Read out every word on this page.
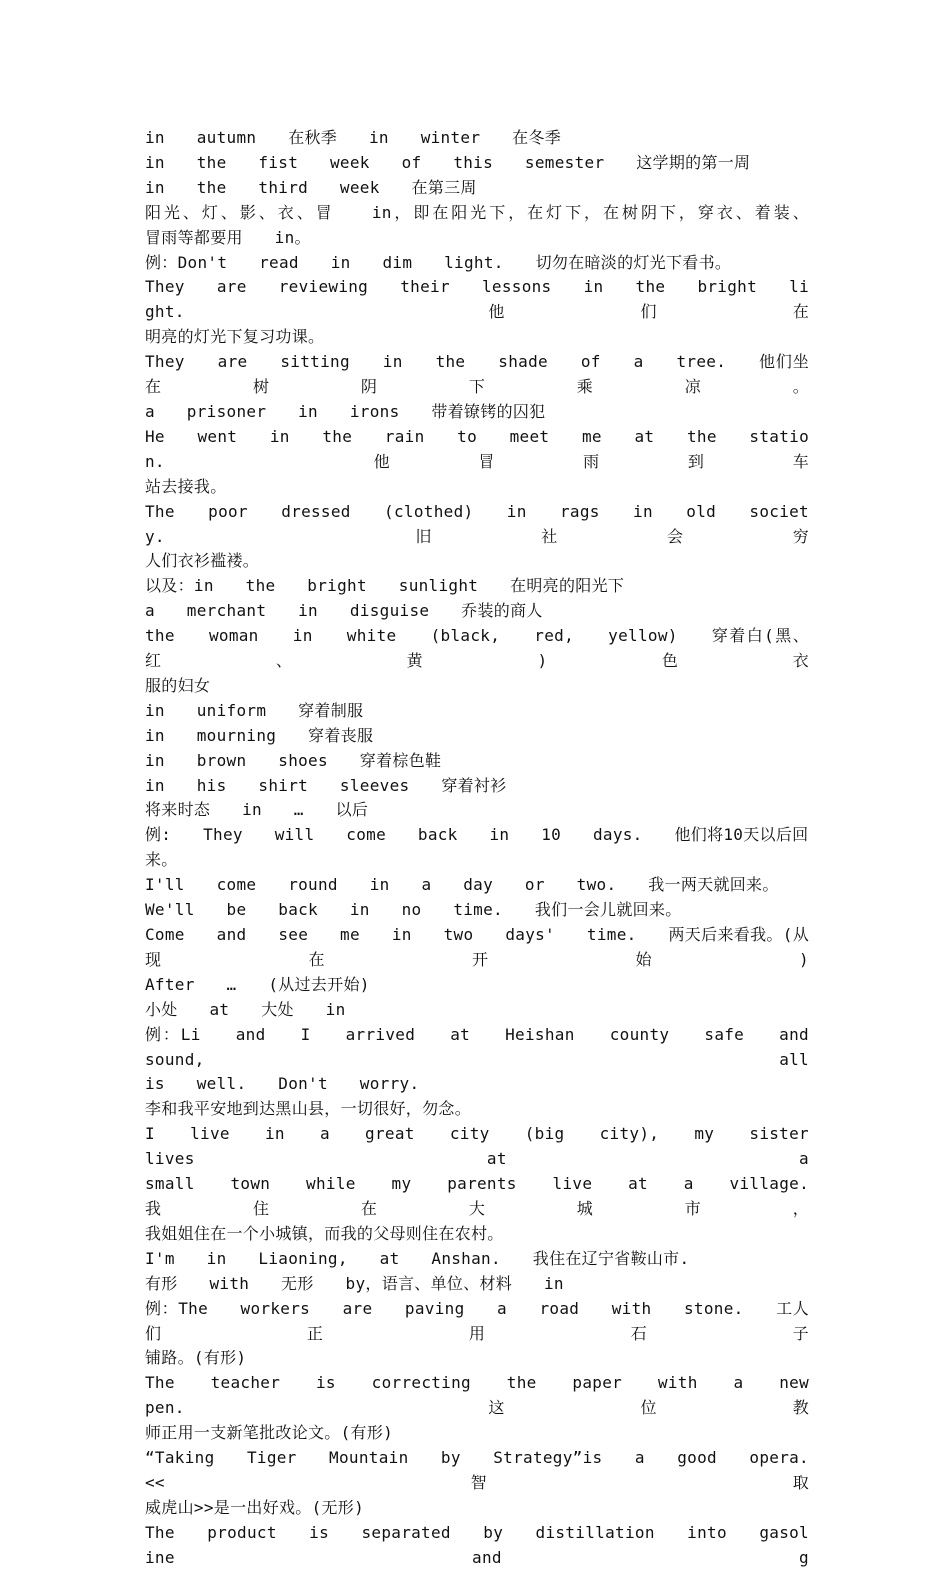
in  autumn  在秋季  in  winter  在冬季
in  the  fist  week  of  this  semester  这学期的第一周
in  the  third  week  在第三周
阳光、灯、影、衣、冒  in，即在阳光下，在灯下，在树阴下，穿衣、着装、
冒雨等都要用  in。
例：Don't  read  in  dim  light.  切勿在暗淡的灯光下看书。
They  are  reviewing  their  lessons  in  the  bright  light.  他们在
明亮的灯光下复习功课。
They  are  sitting  in  the  shade  of  a  tree.  他们坐在树阴下乘凉。
a  prisoner  in  irons  带着镣铐的囚犯
He  went  in  the  rain  to  meet  me  at  the  station.  他冒雨到车
站去接我。
The  poor  dressed  (clothed)  in  rags  in  old  society.  旧社会穷
人们衣衫褴褛。
以及：in  the  bright  sunlight  在明亮的阳光下
a  merchant  in  disguise  乔装的商人
the  woman  in  white  (black,  red,  yellow)  穿着白(黑、红、黄)色衣
服的妇女
in  uniform  穿着制服
in  mourning  穿着丧服
in  brown  shoes  穿着棕色鞋
in  his  shirt  sleeves  穿着衬衫
将来时态  in  …  以后
例:  They  will  come  back  in  10  days.  他们将10天以后回来。
I'll  come  round  in  a  day  or  two.  我一两天就回来。
We'll  be  back  in  no  time.  我们一会儿就回来。
Come  and  see  me  in  two  days'  time.  两天后来看我。(从现在开始)
After  …  (从过去开始)
小处  at  大处  in
例：Li  and  I  arrived  at  Heishan  county  safe  and  sound,  all
is  well.  Don't  worry.
李和我平安地到达黑山县，一切很好，勿念。
I  live  in  a  great  city  (big  city),  my  sister  lives  at  a
small  town  while  my  parents  live  at  a  village.  我住在大城市，
我姐姐住在一个小城镇，而我的父母则住在农村。
I'm  in  Liaoning,  at  Anshan.  我住在辽宁省鞍山市.
有形  with  无形  by，语言、单位、材料  in
例：The  workers  are  paving  a  road  with  stone.  工人们正用石子
铺路。(有形)
The  teacher  is  correcting  the  paper  with  a  new  pen.  这位教
师正用一支新笔批改论文。(有形)
“Taking  Tiger  Mountain  by  Strategy”is  a  good  opera.  <<智取
威虎山>>是一出好戏。(无形)
The  product  is  separated  by  distillation  into  gasoline  and  g
